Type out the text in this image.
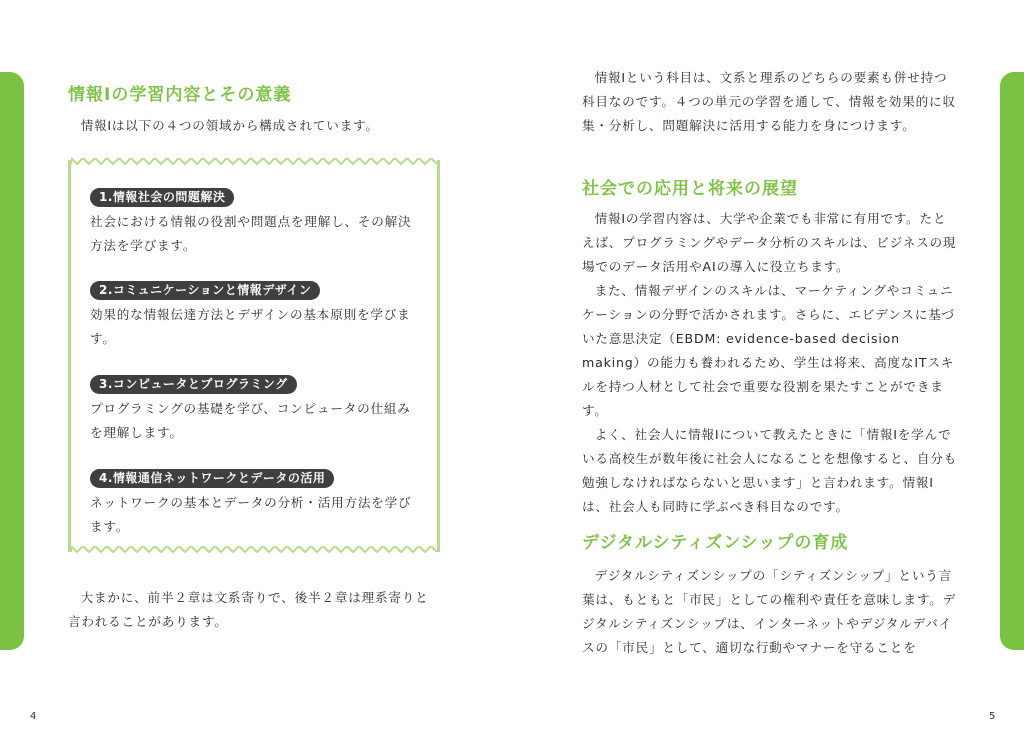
情報Ⅰの学習内容とその意義

情報Ⅰは以下の４つの領域から構成されています。

1.情報社会の問題解決

社会における情報の役割や問題点を理解し、その解決方法を学びます。

2.コミュニケーションと情報デザイン

効果的な情報伝達方法とデザインの基本原則を学びます。

3.コンピュータとプログラミング

プログラミングの基礎を学び、コンピュータの仕組みを理解します。

4.情報通信ネットワークとデータの活用

ネットワークの基本とデータの分析・活用方法を学びます。

大まかに、前半２章は文系寄りで、後半２章は理系寄りと言われることがあります。

4

情報Ⅰという科目は、文系と理系のどちらの要素も併せ持つ科目なのです。４つの単元の学習を通して、情報を効果的に収集・分析し、問題解決に活用する能力を身につけます。

社会での応用と将来の展望

情報Ⅰの学習内容は、大学や企業でも非常に有用です。たとえば、プログラミングやデータ分析のスキルは、ビジネスの現場でのデータ活用やAIの導入に役立ちます。

また、情報デザインのスキルは、マーケティングやコミュニケーションの分野で活かされます。さらに、エビデンスに基づいた意思決定（EBDM: evidence-based decision making）の能力も養われるため、学生は将来、高度なITスキルを持つ人材として社会で重要な役割を果たすことができます。

よく、社会人に情報Ⅰについて教えたときに「情報Ⅰを学んでいる高校生が数年後に社会人になることを想像すると、自分も勉強しなければならないと思います」と言われます。情報Ⅰは、社会人も同時に学ぶべき科目なのです。

デジタルシティズンシップの育成

デジタルシティズンシップの「シティズンシップ」という言葉は、もともと「市民」としての権利や責任を意味します。デジタルシティズンシップは、インターネットやデジタルデバイスの「市民」として、適切な行動やマナーを守ることを

5
